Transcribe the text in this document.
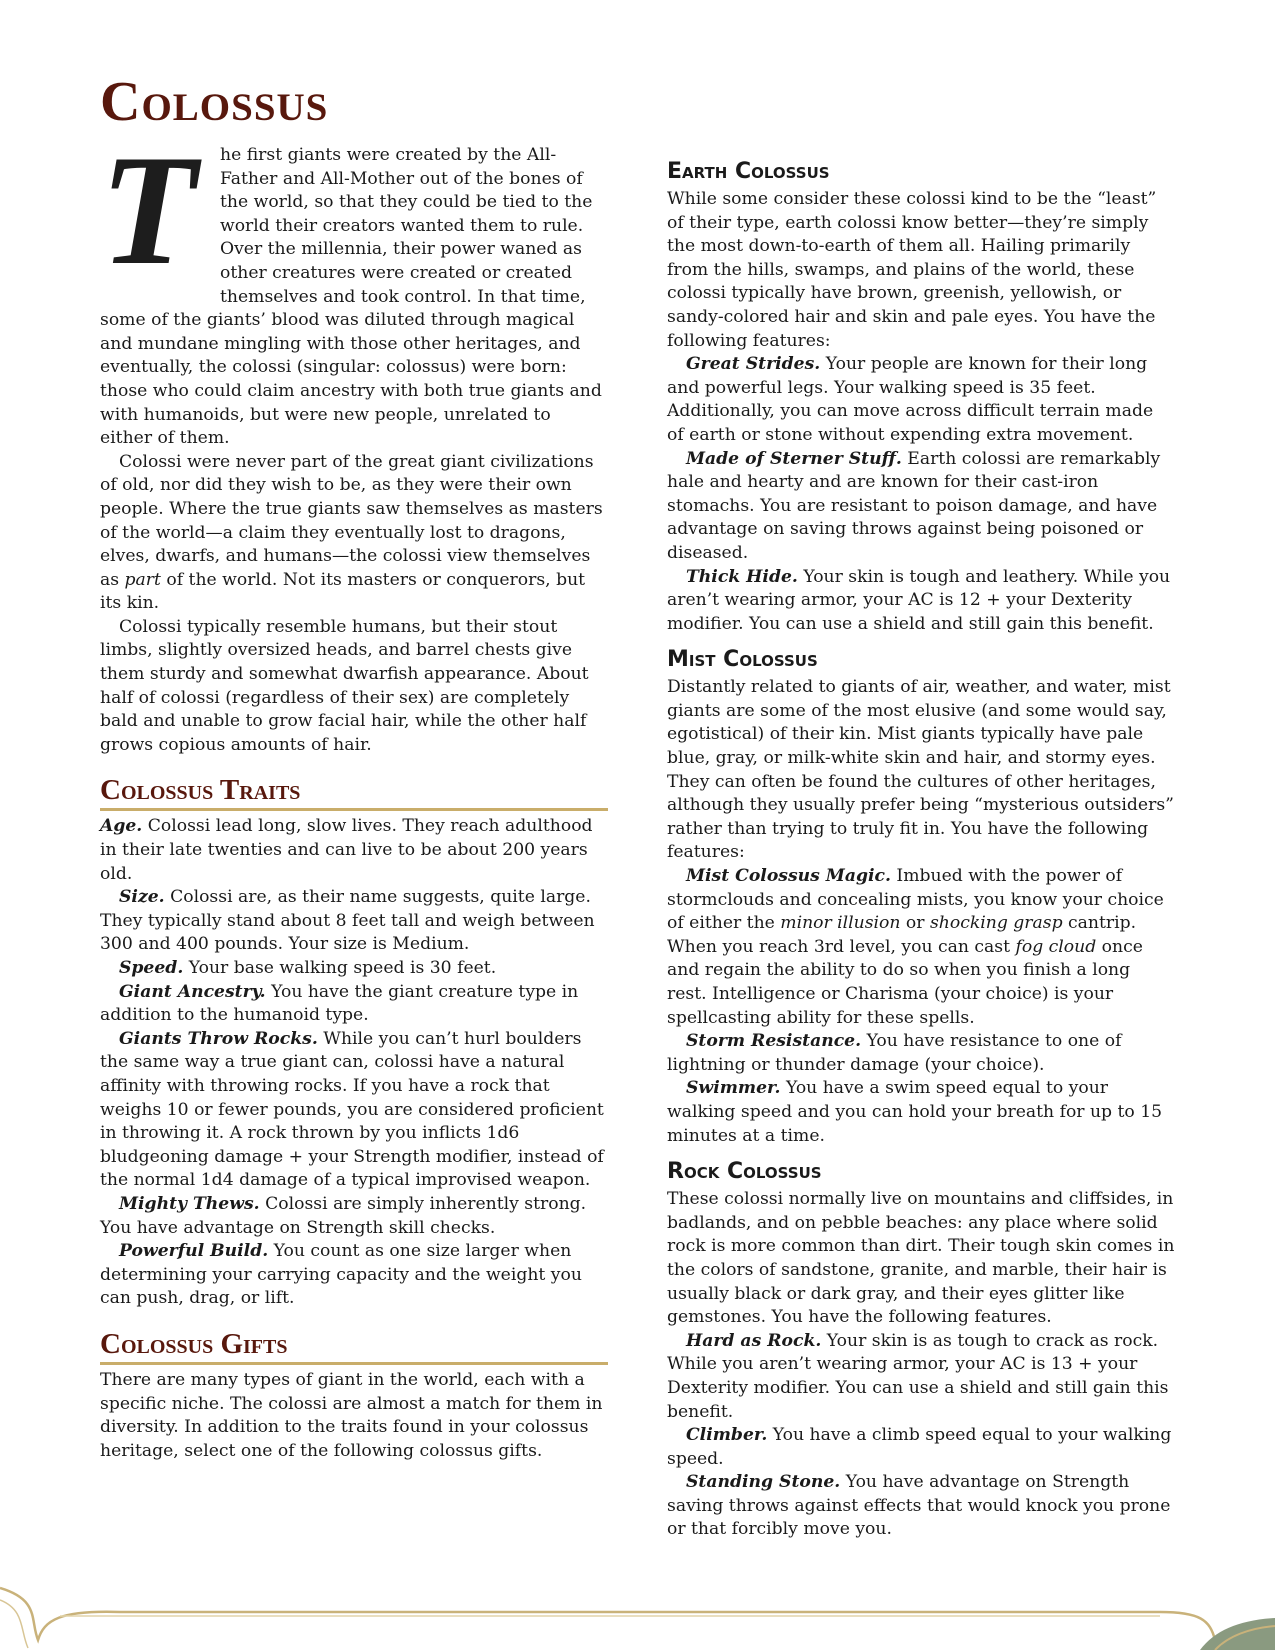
Colossus

T	he first giants were created by the All-Father and All-Mother out of the bones of the world, so that they could be tied to the world their creators wanted them to rule. Over the millennia, their power waned as other creatures were created or created themselves and took control. In that time, some of the giants’ blood was diluted through magical and mundane mingling with those other heritages, and eventually, the colossi (singular: colossus) were born: those who could claim ancestry with both true giants and with humanoids, but were new people, unrelated to either of them.

Colossi were never part of the great giant civilizations of old, nor did they wish to be, as they were their own people. Where the true giants saw themselves as masters of the world—a claim they eventually lost to dragons, elves, dwarfs, and humans—the colossi view themselves as part of the world. Not its masters or conquerors, but its kin.

Colossi typically resemble humans, but their stout limbs, slightly oversized heads, and barrel chests give them sturdy and somewhat dwarfish appearance. About half of colossi (regardless of their sex) are completely bald and unable to grow facial hair, while the other half grows copious amounts of hair.

Colossus Traits

Age. Colossi lead long, slow lives. They reach adulthood in their late twenties and can live to be about 200 years old.

Size. Colossi are, as their name suggests, quite large. They typically stand about 8 feet tall and weigh between 300 and 400 pounds. Your size is Medium.

Speed. Your base walking speed is 30 feet.

Giant Ancestry. You have the giant creature type in addition to the humanoid type.

Giants Throw Rocks. While you can’t hurl boulders the same way a true giant can, colossi have a natural affinity with throwing rocks. If you have a rock that weighs 10 or fewer pounds, you are considered proficient in throwing it. A rock thrown by you inflicts 1d6 bludgeoning damage + your Strength modifier, instead of the normal 1d4 damage of a typical improvised weapon.

Mighty Thews. Colossi are simply inherently strong. You have advantage on Strength skill checks.

Powerful Build. You count as one size larger when determining your carrying capacity and the weight you can push, drag, or lift.

Colossus Gifts

There are many types of giant in the world, each with a specific niche. The colossi are almost a match for them in diversity. In addition to the traits found in your colossus heritage, select one of the following colossus gifts.

Earth Colossus

While some consider these colossi kind to be the “least” of their type, earth colossi know better—they’re simply the most down-to-earth of them all. Hailing primarily from the hills, swamps, and plains of the world, these colossi typically have brown, greenish, yellowish, or sandy-colored hair and skin and pale eyes. You have the following features:

Great Strides. Your people are known for their long and powerful legs. Your walking speed is 35 feet. Additionally, you can move across difficult terrain made of earth or stone without expending extra movement.

Made of Sterner Stuff. Earth colossi are remarkably hale and hearty and are known for their cast-iron stomachs. You are resistant to poison damage, and have advantage on saving throws against being poisoned or diseased.

Thick Hide. Your skin is tough and leathery. While you aren’t wearing armor, your AC is 12 + your Dexterity modifier. You can use a shield and still gain this benefit.

Mist Colossus

Distantly related to giants of air, weather, and water, mist giants are some of the most elusive (and some would say, egotistical) of their kin. Mist giants typically have pale blue, gray, or milk-white skin and hair, and stormy eyes. They can often be found the cultures of other heritages, although they usually prefer being “mysterious outsiders” rather than trying to truly fit in. You have the following features:

Mist Colossus Magic. Imbued with the power of stormclouds and concealing mists, you know your choice of either the minor illusion or shocking grasp cantrip. When you reach 3rd level, you can cast fog cloud once and regain the ability to do so when you finish a long rest. Intelligence or Charisma (your choice) is your spellcasting ability for these spells.

Storm Resistance. You have resistance to one of lightning or thunder damage (your choice).

Swimmer. You have a swim speed equal to your walking speed and you can hold your breath for up to 15 minutes at a time.

Rock Colossus

These colossi normally live on mountains and cliffsides, in badlands, and on pebble beaches: any place where solid rock is more common than dirt. Their tough skin comes in the colors of sandstone, granite, and marble, their hair is usually black or dark gray, and their eyes glitter like gemstones. You have the following features.

Hard as Rock. Your skin is as tough to crack as rock. While you aren’t wearing armor, your AC is 13 + your Dexterity modifier. You can use a shield and still gain this benefit.

Climber. You have a climb speed equal to your walking speed.

Standing Stone. You have advantage on Strength saving throws against effects that would knock you prone or that forcibly move you.
